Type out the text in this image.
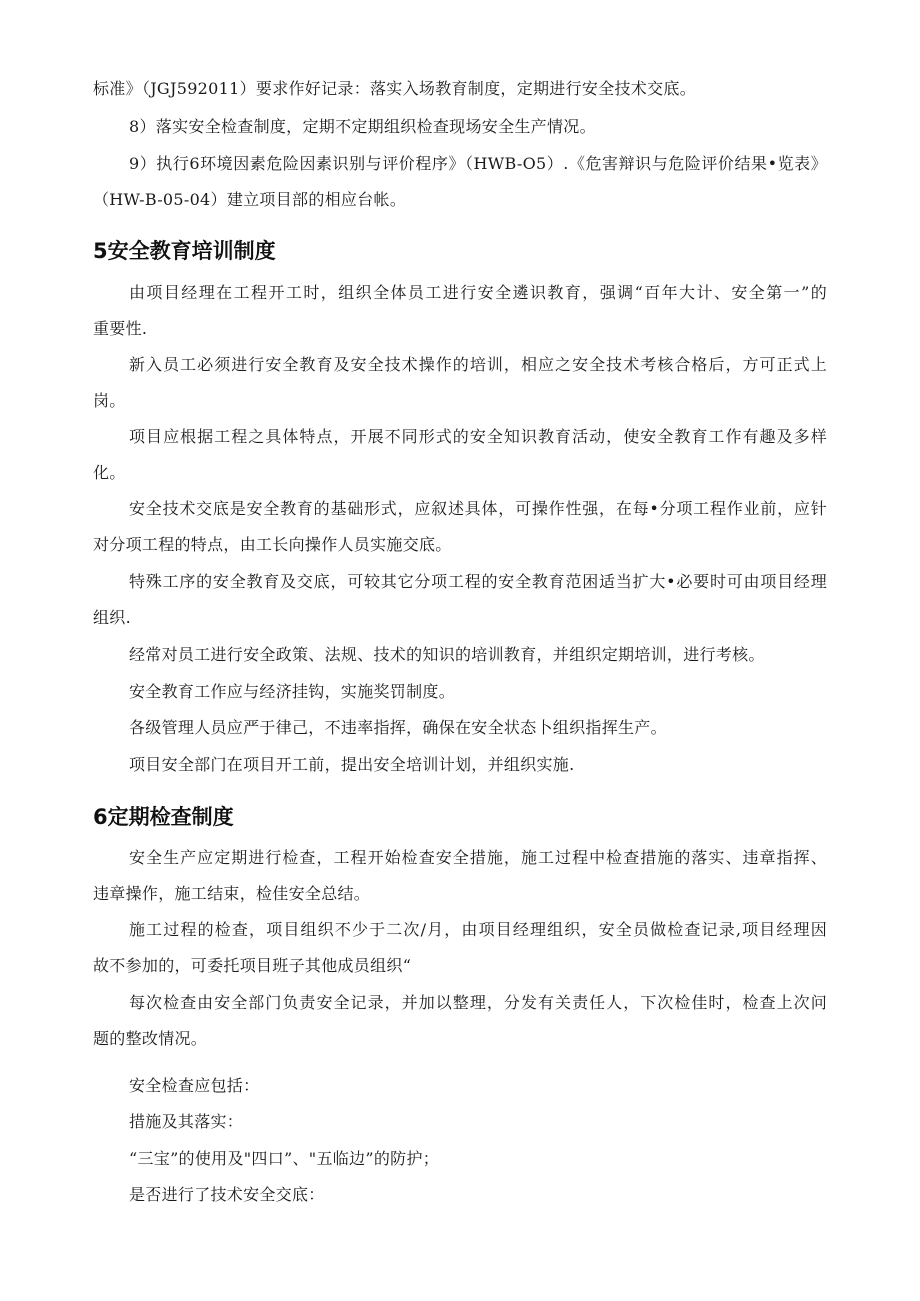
标准》（JGJ592011）要求作好记录：落实入场教育制度，定期进行安全技术交底。
8）落实安全检查制度，定期不定期组织检查现场安全生产情况。
9）执行6环境因素危险因素识别与评价程序》（HWB-O5）.《危害辩识与危险评价结果•览表》
（HW-B-05-04）建立项目部的相应台帐。
5安全教育培训制度
由项目经理在工程开工时，组织全体员工进行安全遴识教育，强调“百年大计、安全第一”的
重要性.
新入员工必须进行安全教育及安全技术操作的培训，相应之安全技术考核合格后，方可正式上
岗。
项目应根据工程之具体特点，开展不同形式的安全知识教育活动，使安全教育工作有趣及多样
化。
安全技术交底是安全教育的基础形式，应叙述具体，可操作性强，在每•分项工程作业前，应针
对分项工程的特点，由工长向操作人员实施交底。
特殊工序的安全教育及交底，可较其它分项工程的安全教育范困适当扩大•必要时可由项目经理
组织.
经常对员工进行安全政策、法规、技术的知识的培训教育，并组织定期培训，进行考核。
安全教育工作应与经济挂钩，实施奖罚制度。
各级管理人员应严于律己，不违率指挥，确保在安全状态卜组织指挥生产。
项目安全部门在项目开工前，提出安全培训计划，并组织实施.
6定期检查制度
安全生产应定期进行检查，工程开始检查安全措施，施工过程中检查措施的落实、违章指挥、
违章操作，施工结束，检佳安全总结。
施工过程的检查，项目组织不少于二次/月，由项目经理组织，安全员做检查记录,项目经理因
故不参加的，可委托项目班子其他成员组织“
每次检查由安全部门负责安全记录，并加以整理，分发有关责任人，下次检佳时，检查上次问
题的整改情况。
安全检查应包括：
措施及其落实：
“三宝”的使用及"四口”、"五临边”的防护；
是否进行了技术安全交底：
